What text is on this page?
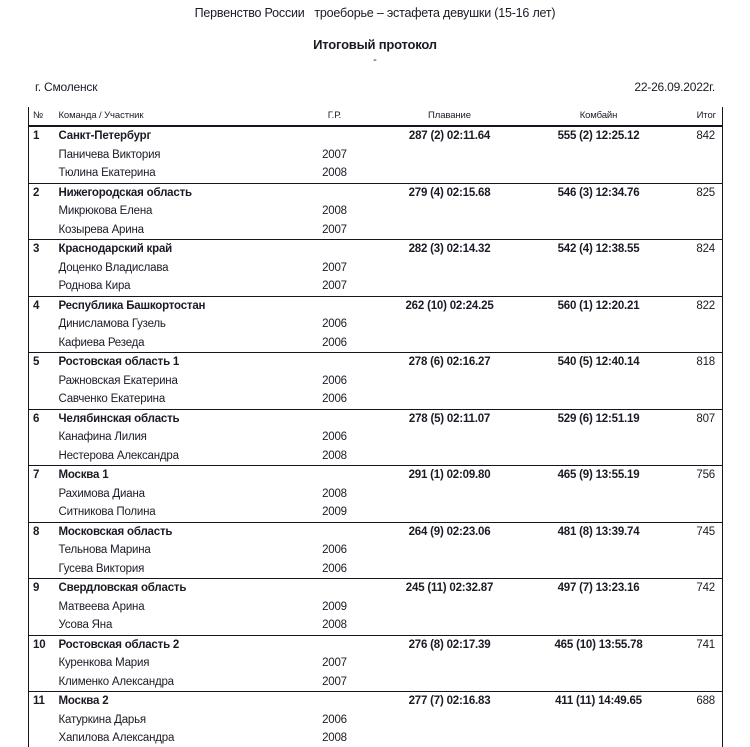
Первенство России   троеборье – эстафета девушки (15-16 лет)
Итоговый протокол
-
г. Смоленск	22-26.09.2022г.
№	Команда / Участник	Г.Р.	Плавание	Комбайн	Итог
1	Санкт-Петербург		287 (2) 02:11.64	555 (2) 12:25.12	842
	Паничева Виктория	2007			
	Тюлина Екатерина	2008			
2	Нижегородская область		279 (4) 02:15.68	546 (3) 12:34.76	825
	Микрюкова Елена	2008			
	Козырева Арина	2007			
3	Краснодарский край		282 (3) 02:14.32	542 (4) 12:38.55	824
	Доценко Владислава	2007			
	Роднова Кира	2007			
4	Республика Башкортостан		262 (10) 02:24.25	560 (1) 12:20.21	822
	Динисламова Гузель	2006			
	Кафиева Резеда	2006			
5	Ростовская область 1		278 (6) 02:16.27	540 (5) 12:40.14	818
	Ражновская Екатерина	2006			
	Савченко Екатерина	2006			
6	Челябинская область		278 (5) 02:11.07	529 (6) 12:51.19	807
	Канафина Лилия	2006			
	Нестерова Александра	2008			
7	Москва 1		291 (1) 02:09.80	465 (9) 13:55.19	756
	Рахимова Диана	2008			
	Ситникова Полина	2009			
8	Московская область		264 (9) 02:23.06	481 (8) 13:39.74	745
	Тельнова Марина	2006			
	Гусева Виктория	2006			
9	Свердловская область		245 (11) 02:32.87	497 (7) 13:23.16	742
	Матвеева Арина	2009			
	Усова Яна	2008			
10	Ростовская область 2		276 (8) 02:17.39	465 (10) 13:55.78	741
	Куренкова Мария	2007			
	Клименко Александра	2007			
11	Москва 2		277 (7) 02:16.83	411 (11) 14:49.65	688
	Катуркина Дарья	2006			
	Хапилова Александра	2008			
